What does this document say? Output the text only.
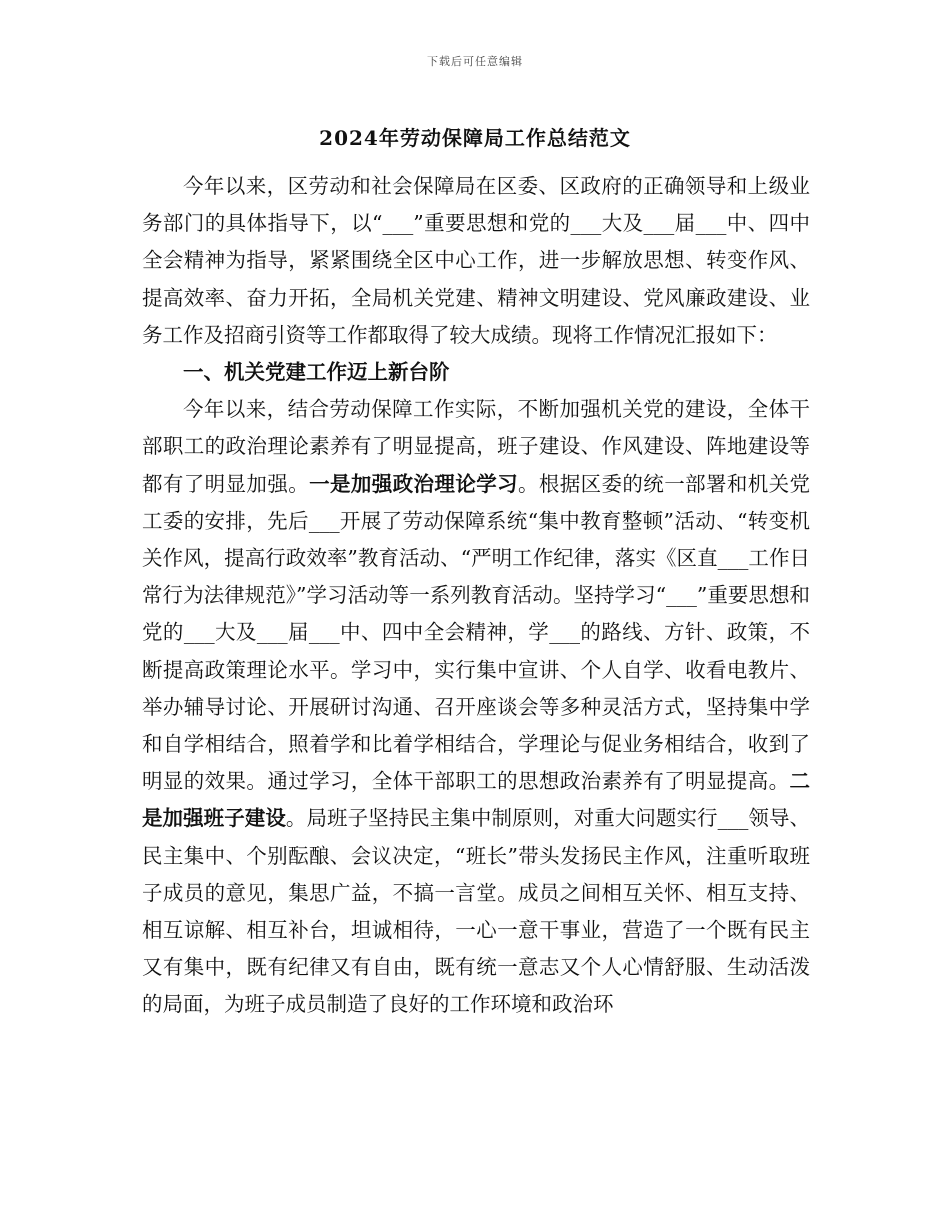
下载后可任意编辑
2024年劳动保障局工作总结范文

今年以来，区劳动和社会保障局在区委、区政府的正确领导和上级业务部门的具体指导下，以“___”重要思想和党的___大及___届___中、四中全会精神为指导，紧紧围绕全区中心工作，进一步解放思想、转变作风、提高效率、奋力开拓，全局机关党建、精神文明建设、党风廉政建设、业务工作及招商引资等工作都取得了较大成绩。现将工作情况汇报如下：

一、机关党建工作迈上新台阶

今年以来，结合劳动保障工作实际，不断加强机关党的建设，全体干部职工的政治理论素养有了明显提高，班子建设、作风建设、阵地建设等都有了明显加强。一是加强政治理论学习。根据区委的统一部署和机关党工委的安排，先后___开展了劳动保障系统“集中教育整顿”活动、“转变机关作风，提高行政效率”教育活动、“严明工作纪律，落实《区直___工作日常行为法律规范》”学习活动等一系列教育活动。坚持学习“___”重要思想和党的___大及___届___中、四中全会精神，学___的路线、方针、政策，不断提高政策理论水平。学习中，实行集中宣讲、个人自学、收看电教片、举办辅导讨论、开展研讨沟通、召开座谈会等多种灵活方式，坚持集中学和自学相结合，照着学和比着学相结合，学理论与促业务相结合，收到了明显的效果。通过学习，全体干部职工的思想政治素养有了明显提高。二是加强班子建设。局班子坚持民主集中制原则，对重大问题实行___领导、民主集中、个别酝酿、会议决定，“班长”带头发扬民主作风，注重听取班子成员的意见，集思广益，不搞一言堂。成员之间相互关怀、相互支持、相互谅解、相互补台，坦诚相待，一心一意干事业，营造了一个既有民主又有集中，既有纪律又有自由，既有统一意志又个人心情舒服、生动活泼的局面，为班子成员制造了良好的工作环境和政治环
